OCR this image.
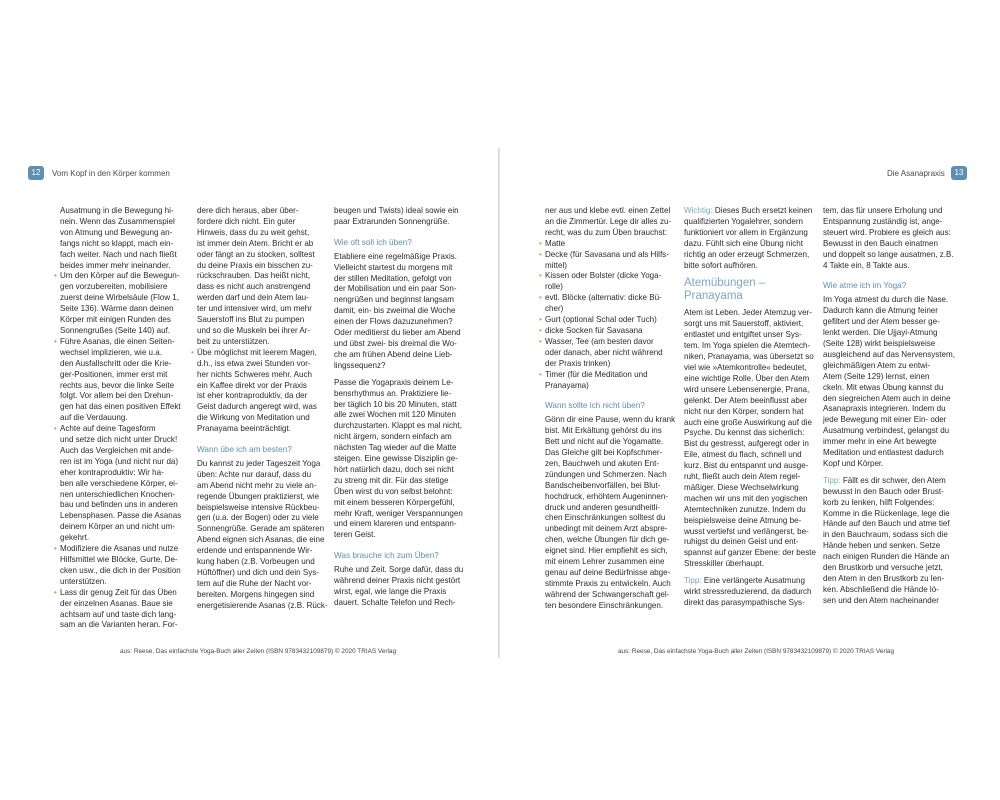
12	Vom Kopf in den Körper kommen
Ausatmung in die Bewegung hi-
nein. Wenn das Zusammenspiel
von Atmung und Bewegung an-
fangs nicht so klappt, mach ein-
fach weiter. Nach und nach fließt
beides immer mehr ineinander.
• Um den Körper auf die Bewegun-
gen vorzubereiten, mobilisiere
zuerst deine Wirbelsäule (Flow 1,
Seite 136). Wärme dann deinen
Körper mit einigen Runden des
Sonnengrußes (Seite 140) auf.
• Führe Asanas, die einen Seiten-
wechsel implizieren, wie u.a.
den Ausfallschritt oder die Krie-
ger-Positionen, immer erst mit
rechts aus, bevor die linke Seite
folgt. Vor allem bei den Drehun-
gen hat das einen positiven Effekt
auf die Verdauung.
• Achte auf deine Tagesform
und setze dich nicht unter Druck!
Auch das Vergleichen mit ande-
ren ist im Yoga (und nicht nur da)
eher kontraproduktiv: Wir ha-
ben alle verschiedene Körper, ei-
nen unterschiedlichen Knochen-
bau und befinden uns in anderen
Lebensphasen. Passe die Asanas
deinem Körper an und nicht um-
gekehrt.
• Modifiziere die Asanas und nutze
Hilfsmittel wie Blöcke, Gurte, De-
cken usw., die dich in der Position
unterstützen.
• Lass dir genug Zeit für das Üben
der einzelnen Asanas. Baue sie
achtsam auf und taste dich lang-
sam an die Varianten heran. For-
dere dich heraus, aber über-
fordere dich nicht. Ein guter
Hinweis, dass du zu weit gehst,
ist immer dein Atem. Bricht er ab
oder fängt an zu stocken, solltest
du deine Praxis ein bisschen zu-
rückschrauben. Das heißt nicht,
dass es nicht auch anstrengend
werden darf und dein Atem lau-
ter und intensiver wird, um mehr
Sauerstoff ins Blut zu pumpen
und so die Muskeln bei ihrer Ar-
beit zu unterstützen.
• Übe möglichst mit leerem Magen,
d.h., iss etwa zwei Stunden vor-
her nichts Schweres mehr. Auch
ein Kaffee direkt vor der Praxis
ist eher kontraproduktiv, da der
Geist dadurch angeregt wird, was
die Wirkung von Meditation und
Pranayama beeinträchtigt.
Wann übe ich am besten?
Du kannst zu jeder Tageszeit Yoga
üben: Achte nur darauf, dass du
am Abend nicht mehr zu viele an-
regende Übungen praktizierst, wie
beispielsweise intensive Rückbeu-
gen (u.a. der Bogen) oder zu viele
Sonnengrüße. Gerade am späteren
Abend eignen sich Asanas, die eine
erdende und entspannende Wir-
kung haben (z.B. Vorbeugen und
Hüftöffner) und dich und dein Sys-
tem auf die Ruhe der Nacht vor-
bereiten. Morgens hingegen sind
energetisierende Asanas (z.B. Rück-
beugen und Twists) ideal sowie ein
paar Extrarunden Sonnengrüße.
Wie oft soll ich üben?
Etabliere eine regelmäßige Praxis.
Vielleicht startest du morgens mit
der stillen Meditation, gefolgt von
der Mobilisation und ein paar Son-
nengrüßen und beginnst langsam
damit, ein- bis zweimal die Woche
einen der Flows dazuzunehmen?
Oder meditierst du lieber am Abend
und übst zwei- bis dreimal die Wo-
che am frühen Abend deine Lieb-
lingssequenz?
Passe die Yogapraxis deinem Le-
bensrhythmus an. Praktiziere lie-
ber täglich 10 bis 20 Minuten, statt
alle zwei Wochen mit 120 Minuten
durchzustarten. Klappt es mal nicht,
nicht ärgern, sondern einfach am
nächsten Tag wieder auf die Matte
steigen. Eine gewisse Disziplin ge-
hört natürlich dazu, doch sei nicht
zu streng mit dir. Für das stetige
Üben wirst du von selbst belohnt:
mit einem besseren Körpergefühl,
mehr Kraft, weniger Verspannungen
und einem klareren und entspann-
teren Geist.
Was brauche ich zum Üben?
Ruhe und Zeit. Sorge dafür, dass du
während deiner Praxis nicht gestört
wirst, egal, wie lange die Praxis
dauert. Schalte Telefon und Rech-
aus: Reese, Das einfachste Yoga-Buch aller Zeiten (ISBN 9783432109879) © 2020 TRIAS Verlag
Die Asanapraxis	13
ner aus und klebe evtl. einen Zettel
an die Zimmertür. Lege dir alles zu-
recht, was du zum Üben brauchst:
• Matte
• Decke (für Savasana und als Hilfs-
mittel)
• Kissen oder Bolster (dicke Yoga-
rolle)
• evtl. Blöcke (alternativ: dicke Bü-
cher)
• Gurt (optional Schal oder Tuch)
• dicke Socken für Savasana
• Wasser, Tee (am besten davor
oder danach, aber nicht während
der Praxis trinken)
• Timer (für die Meditation und
Pranayama)
Wann sollte ich nicht üben?
Gönn dir eine Pause, wenn du krank
bist. Mit Erkältung gehörst du ins
Bett und nicht auf die Yogamatte.
Das Gleiche gilt bei Kopfschmer-
zen, Bauchweh und akuten Ent-
zündungen und Schmerzen. Nach
Bandscheibenvorfällen, bei Blut-
hochdruck, erhöhtem Augeninnen-
druck und anderen gesundheitli-
chen Einschränkungen solltest du
unbedingt mit deinem Arzt abspre-
chen, welche Übungen für dich ge-
eignet sind. Hier empfiehlt es sich,
mit einem Lehrer zusammen eine
genau auf deine Bedürfnisse abge-
stimmte Praxis zu entwickeln. Auch
während der Schwangerschaft gel-
ten besondere Einschränkungen.
Wichtig: Dieses Buch ersetzt keinen
qualifizierten Yogalehrer, sondern
funktioniert vor allem in Ergänzung
dazu. Fühlt sich eine Übung nicht
richtig an oder erzeugt Schmerzen,
bitte sofort aufhören.
Atemübungen –
Pranayama
Atem ist Leben. Jeder Atemzug ver-
sorgt uns mit Sauerstoff, aktiviert,
entlastet und entgiftet unser Sys-
tem. Im Yoga spielen die Atemtech-
niken, Pranayama, was übersetzt so
viel wie »Atemkontrolle« bedeutet,
eine wichtige Rolle. Über den Atem
wird unsere Lebensenergie, Prana,
gelenkt. Der Atem beeinflusst aber
nicht nur den Körper, sondern hat
auch eine große Auswirkung auf die
Psyche. Du kennst das sicherlich:
Bist du gestresst, aufgeregt oder in
Eile, atmest du flach, schnell und
kurz. Bist du entspannt und ausge-
ruht, fließt auch dein Atem regel-
mäßiger. Diese Wechselwirkung
machen wir uns mit den yogischen
Atemtechniken zunutze. Indem du
beispielsweise deine Atmung be-
wusst vertiefst und verlängerst, be-
ruhigst du deinen Geist und ent-
spannst auf ganzer Ebene: der beste
Stresskiller überhaupt.
Tipp: Eine verlängerte Ausatmung
wirkt stressreduzierend, da dadurch
direkt das parasympathische Sys-
tem, das für unsere Erholung und
Entspannung zuständig ist, ange-
steuert wird. Probiere es gleich aus:
Bewusst in den Bauch einatmen
und doppelt so lange ausatmen, z.B.
4 Takte ein, 8 Takte aus.
Wie atme ich im Yoga?
Im Yoga atmest du durch die Nase.
Dadurch kann die Atmung feiner
gefiltert und der Atem besser ge-
lenkt werden. Die Ujjayi-Atmung
(Seite 128) wirkt beispielsweise
ausgleichend auf das Nervensystem,
gleichmäßigen Atem zu entwi-
Atem (Seite 129) lernst, einen
ckeln. Mit etwas Übung kannst du
den siegreichen Atem auch in deine
Asanapraxis integrieren. Indem du
jede Bewegung mit einer Ein- oder
Ausatmung verbindest, gelangst du
immer mehr in eine Art bewegte
Meditation und entlastest dadurch
Kopf und Körper.
Tipp: Fällt es dir schwer, den Atem
bewusst in den Bauch oder Brust-
korb zu lenken, hilft Folgendes:
Komme in die Rückenlage, lege die
Hände auf den Bauch und atme tief
in den Bauchraum, sodass sich die
Hände heben und senken. Setze
nach einigen Runden die Hände an
den Brustkorb und versuche jetzt,
den Atem in den Brustkorb zu len-
ken. Abschließend die Hände lö-
sen und den Atem nacheinander
aus: Reese, Das einfachste Yoga-Buch aller Zeiten (ISBN 9783432109879) © 2020 TRIAS Verlag
